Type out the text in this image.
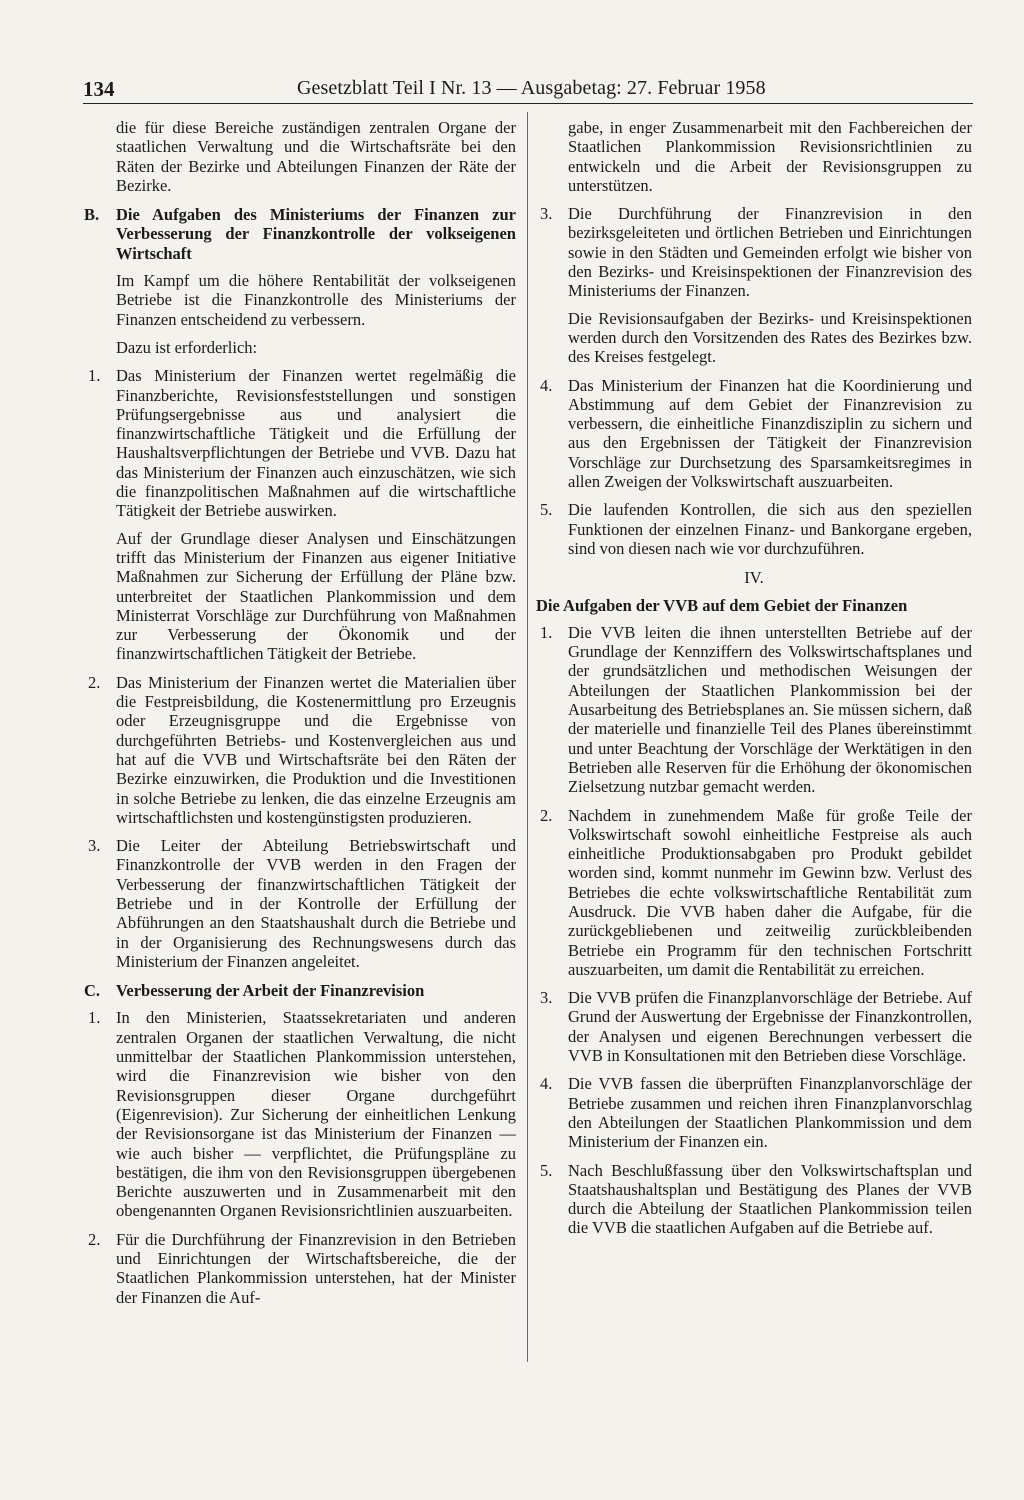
134	Gesetzblatt Teil I Nr. 13 — Ausgabetag: 27. Februar 1958

die für diese Bereiche zuständigen zentralen Organe der staatlichen Verwaltung und die Wirtschaftsräte bei den Räten der Bezirke und Abteilungen Finanzen der Räte der Bezirke.

B. Die Aufgaben des Ministeriums der Finanzen zur Verbesserung der Finanzkontrolle der volkseigenen Wirtschaft

Im Kampf um die höhere Rentabilität der volkseigenen Betriebe ist die Finanzkontrolle des Ministeriums der Finanzen entscheidend zu verbessern.

Dazu ist erforderlich:

1. Das Ministerium der Finanzen wertet regelmäßig die Finanzberichte, Revisionsfeststellungen und sonstigen Prüfungsergebnisse aus und analysiert die finanzwirtschaftliche Tätigkeit und die Erfüllung der Haushaltsverpflichtungen der Betriebe und VVB. Dazu hat das Ministerium der Finanzen auch einzuschätzen, wie sich die finanzpolitischen Maßnahmen auf die wirtschaftliche Tätigkeit der Betriebe auswirken.

Auf der Grundlage dieser Analysen und Einschätzungen trifft das Ministerium der Finanzen aus eigener Initiative Maßnahmen zur Sicherung der Erfüllung der Pläne bzw. unterbreitet der Staatlichen Plankommission und dem Ministerrat Vorschläge zur Durchführung von Maßnahmen zur Verbesserung der Ökonomik und der finanzwirtschaftlichen Tätigkeit der Betriebe.

2. Das Ministerium der Finanzen wertet die Materialien über die Festpreisbildung, die Kostenermittlung pro Erzeugnis oder Erzeugnisgruppe und die Ergebnisse von durchgeführten Betriebs- und Kostenvergleichen aus und hat auf die VVB und Wirtschaftsräte bei den Räten der Bezirke einzuwirken, die Produktion und die Investitionen in solche Betriebe zu lenken, die das einzelne Erzeugnis am wirtschaftlichsten und kostengünstigsten produzieren.

3. Die Leiter der Abteilung Betriebswirtschaft und Finanzkontrolle der VVB werden in den Fragen der Verbesserung der finanzwirtschaftlichen Tätigkeit der Betriebe und in der Kontrolle der Erfüllung der Abführungen an den Staatshaushalt durch die Betriebe und in der Organisierung des Rechnungswesens durch das Ministerium der Finanzen angeleitet.

C. Verbesserung der Arbeit der Finanzrevision
1. In den Ministerien, Staatssekretariaten und anderen zentralen Organen der staatlichen Verwaltung, die nicht unmittelbar der Staatlichen Plankommission unterstehen, wird die Finanzrevision wie bisher von den Revisionsgruppen dieser Organe durchgeführt (Eigenrevision). Zur Sicherung der einheitlichen Lenkung der Revisionsorgane ist das Ministerium der Finanzen — wie auch bisher — verpflichtet, die Prüfungspläne zu bestätigen, die ihm von den Revisionsgruppen übergebenen Berichte auszuwerten und in Zusammenarbeit mit den obengenannten Organen Revisionsrichtlinien auszuarbeiten.

2. Für die Durchführung der Finanzrevision in den Betrieben und Einrichtungen der Wirtschaftsbereiche, die der Staatlichen Plankommission unterstehen, hat der Minister der Finanzen die Auf-

gabe, in enger Zusammenarbeit mit den Fachbereichen der Staatlichen Plankommission Revisionsrichtlinien zu entwickeln und die Arbeit der Revisionsgruppen zu unterstützen.

3. Die Durchführung der Finanzrevision in den bezirksgeleiteten und örtlichen Betrieben und Einrichtungen sowie in den Städten und Gemeinden erfolgt wie bisher von den Bezirks- und Kreisinspektionen der Finanzrevision des Ministeriums der Finanzen.

Die Revisionsaufgaben der Bezirks- und Kreisinspektionen werden durch den Vorsitzenden des Rates des Bezirkes bzw. des Kreises festgelegt.

4. Das Ministerium der Finanzen hat die Koordinierung und Abstimmung auf dem Gebiet der Finanzrevision zu verbessern, die einheitliche Finanzdisziplin zu sichern und aus den Ergebnissen der Tätigkeit der Finanzrevision Vorschläge zur Durchsetzung des Sparsamkeitsregimes in allen Zweigen der Volkswirtschaft auszuarbeiten.

5. Die laufenden Kontrollen, die sich aus den speziellen Funktionen der einzelnen Finanz- und Bankorgane ergeben, sind von diesen nach wie vor durchzuführen.

IV.
Die Aufgaben der VVB auf dem Gebiet der Finanzen
1. Die VVB leiten die ihnen unterstellten Betriebe auf der Grundlage der Kennziffern des Volkswirtschaftsplanes und der grundsätzlichen und methodischen Weisungen der Abteilungen der Staatlichen Plankommission bei der Ausarbeitung des Betriebsplanes an. Sie müssen sichern, daß der materielle und finanzielle Teil des Planes übereinstimmt und unter Beachtung der Vorschläge der Werktätigen in den Betrieben alle Reserven für die Erhöhung der ökonomischen Zielsetzung nutzbar gemacht werden.

2. Nachdem in zunehmendem Maße für große Teile der Volkswirtschaft sowohl einheitliche Festpreise als auch einheitliche Produktionsabgaben pro Produkt gebildet worden sind, kommt nunmehr im Gewinn bzw. Verlust des Betriebes die echte volkswirtschaftliche Rentabilität zum Ausdruck. Die VVB haben daher die Aufgabe, für die zurückgebliebenen und zeitweilig zurückbleibenden Betriebe ein Programm für den technischen Fortschritt auszuarbeiten, um damit die Rentabilität zu erreichen.

3. Die VVB prüfen die Finanzplanvorschläge der Betriebe. Auf Grund der Auswertung der Ergebnisse der Finanzkontrollen, der Analysen und eigenen Berechnungen verbessert die VVB in Konsultationen mit den Betrieben diese Vorschläge.

4. Die VVB fassen die überprüften Finanzplanvorschläge der Betriebe zusammen und reichen ihren Finanzplanvorschlag den Abteilungen der Staatlichen Plankommission und dem Ministerium der Finanzen ein.

5. Nach Beschlußfassung über den Volkswirtschaftsplan und Staatshaushaltsplan und Bestätigung des Planes der VVB durch die Abteilung der Staatlichen Plankommission teilen die VVB die staatlichen Aufgaben auf die Betriebe auf.
